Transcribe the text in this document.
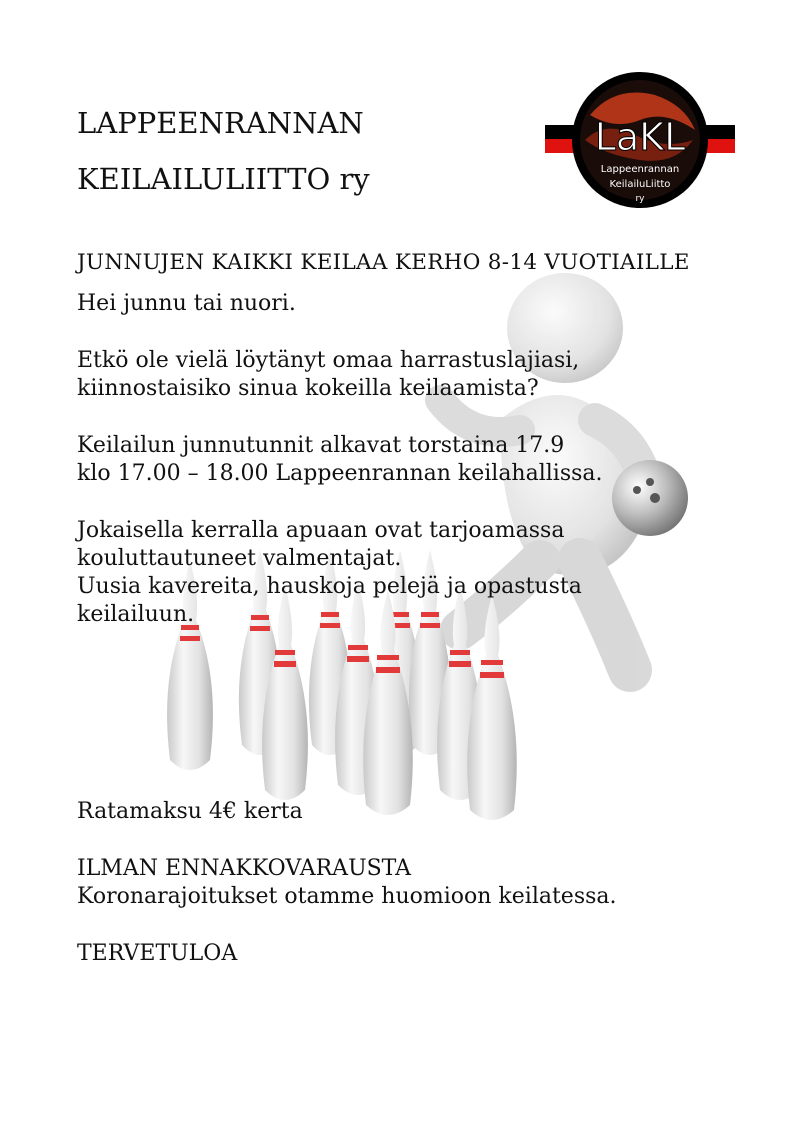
LaKL
Lappeenrannan
KeilailuLiitto
ry
LAPPEENRANNAN
KEILAILULIITTO ry
JUNNUJEN KAIKKI KEILAA KERHO 8-14 VUOTIAILLE
Hei junnu tai nuori.
Etkö ole vielä löytänyt omaa harrastuslajiasi,
kiinnostaisiko sinua kokeilla keilaamista?
Keilailun junnutunnit alkavat torstaina 17.9
klo 17.00 – 18.00 Lappeenrannan keilahallissa.
Jokaisella kerralla apuaan ovat tarjoamassa
kouluttautuneet valmentajat.
Uusia kavereita, hauskoja pelejä ja opastusta
keilailuun.
Ratamaksu 4€ kerta
ILMAN ENNAKKOVARAUSTA
Koronarajoitukset otamme huomioon keilatessa.
TERVETULOA
